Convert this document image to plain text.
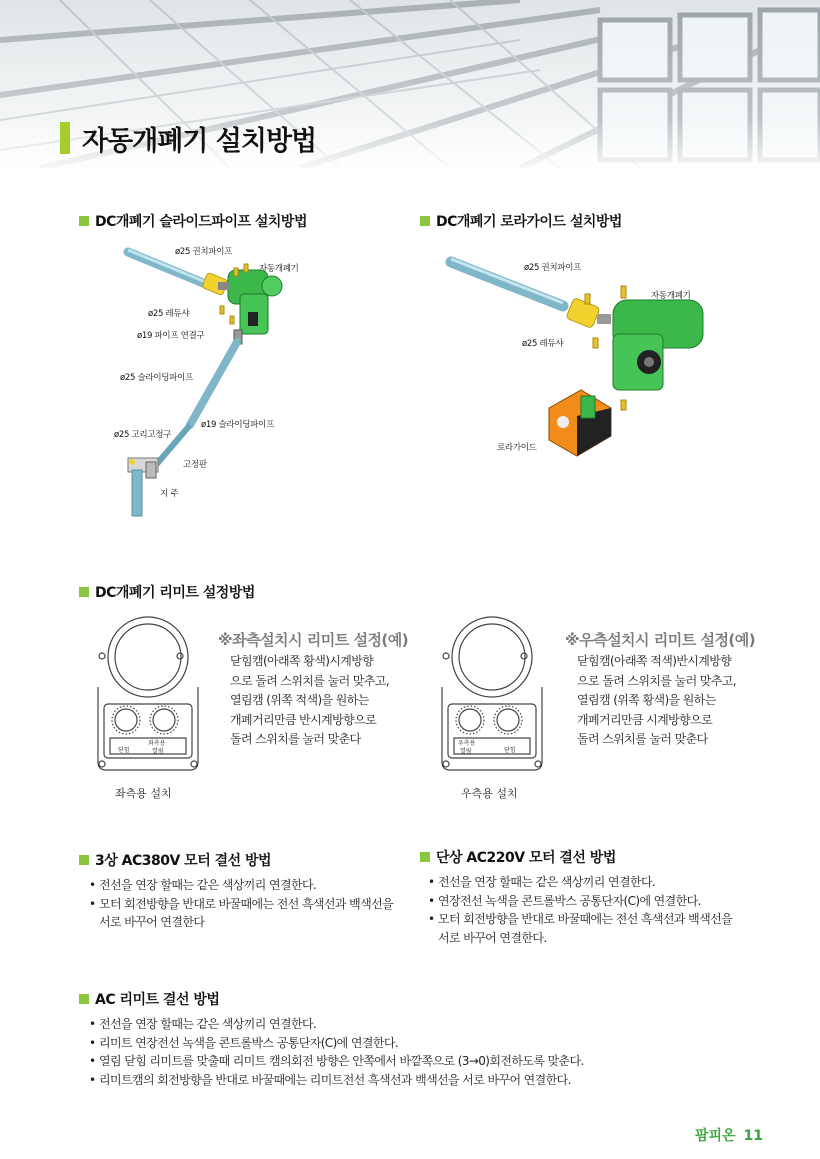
자동개폐기 설치방법
DC개폐기 슬라이드파이프 설치방법
ø25 권치파이프
자동개폐기
ø25 레듀샤
ø19 파이프 연결구
ø25 슬라이딩파이프
ø19 슬라이딩파이프
ø25 고리고정구
고정판
지 주
DC개폐기 로라가이드 설치방법
ø25 권치파이프
자동개폐기
ø25 레듀샤
로라가이드
DC개폐기 리미트 설정방법
닫힘
좌측용
열림
※좌측설치시 리미트 설정(예)
닫힘캠(아래쪽 황색)시계방향
으로 돌려 스위치를 눌러 맞추고,
열림캠 (위쪽 적색)을 원하는
개폐거리만큼 반시계방향으로
돌려 스위치를 눌러 맞춘다
좌측용 설치
우측용
열림	닫힘
※우측설치시 리미트 설정(예)
닫힘캠(아래쪽 적색)반시계방향
으로 돌려 스위치를 눌러 맞추고,
열림캠 (위쪽 황색)을 원하는
개폐거리만큼 시계방향으로
돌려 스위치를 눌러 맞춘다
우측용 설치
3상 AC380V 모터 결선 방법
• 전선을 연장 할때는 같은 색상끼리 연결한다.
• 모터 회전방향을 반대로 바꿀때에는 전선 흑색선과 백색선을
서로 바꾸어 연결한다
단상 AC220V 모터 결선 방법
• 전선을 연장 할때는 같은 색상끼리 연결한다.
• 연장전선 녹색을 콘트롤박스 공통단자(C)에 연결한다.
• 모터 회전방향을 반대로 바꿀때에는 전선 흑색선과 백색선을
서로 바꾸어 연결한다.
AC 리미트 결선 방법
• 전선을 연장 할때는 같은 색상끼리 연결한다.
• 리미트 연장전선 녹색을 콘트롤박스 공통단자(C)에 연결한다.
• 열림 닫힘 리미트를 맞출때 리미트 캠의회전 방향은 안쪽에서 바깥쪽으로 (3→0)회전하도록 맞춘다.
• 리미트캠의 회전방향을 반대로 바꿀때에는 리미트전선 흑색선과 백색선을 서로 바꾸어 연결한다.
팜피온 11
